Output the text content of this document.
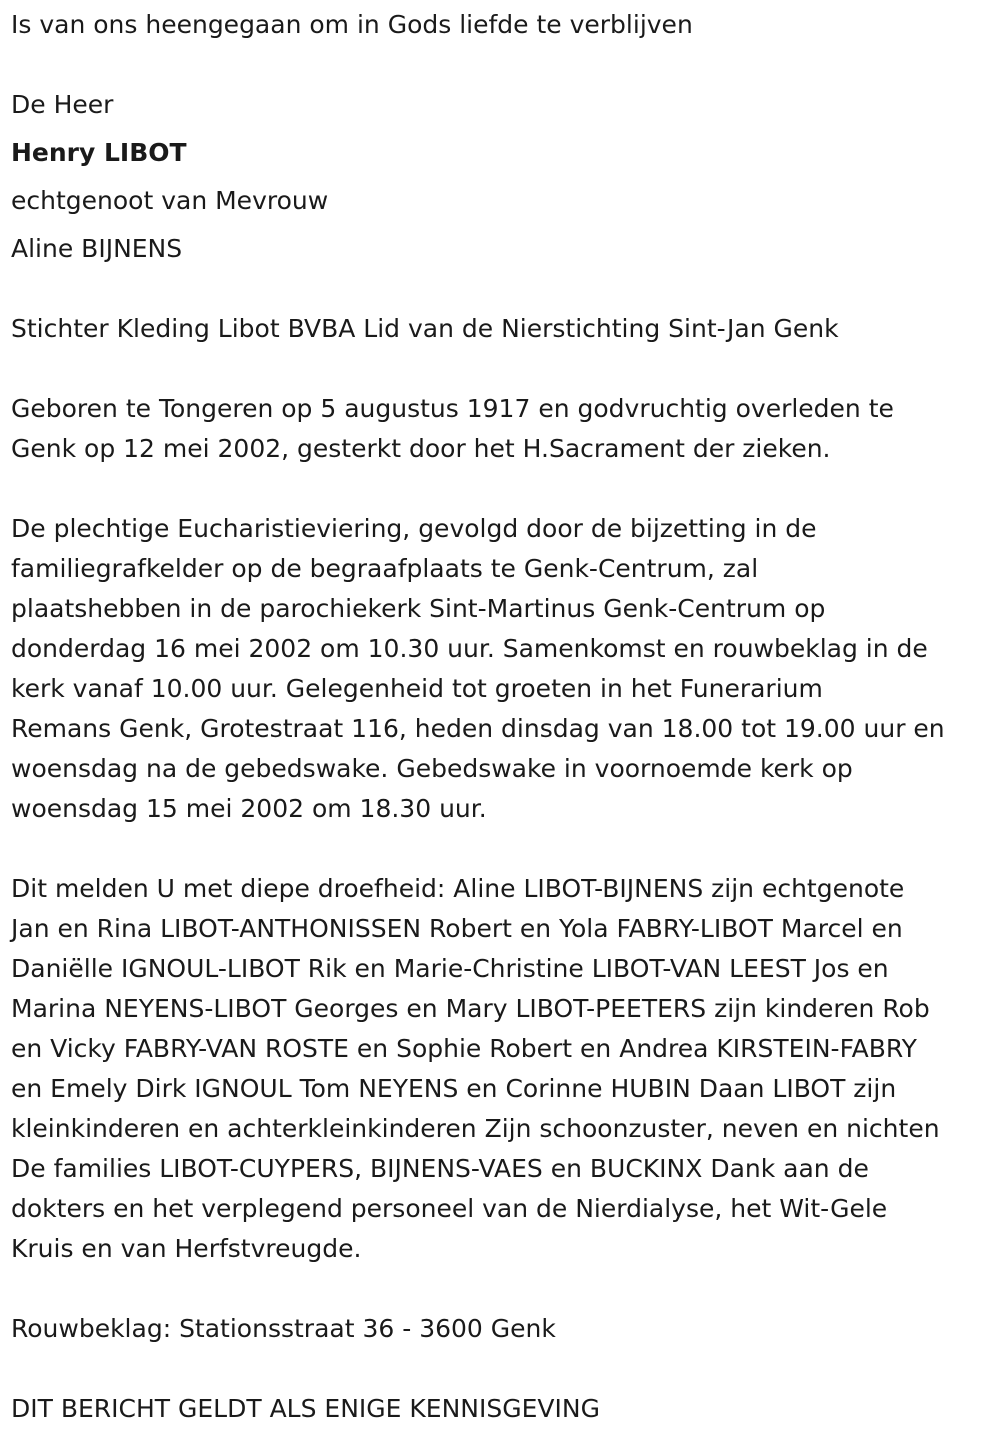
Is van ons heengegaan om in Gods liefde te verblijven
De Heer
Henry LIBOT
echtgenoot van Mevrouw
Aline BIJNENS
Stichter Kleding Libot BVBA Lid van de Nierstichting Sint-Jan Genk
Geboren te Tongeren op 5 augustus 1917 en godvruchtig overleden te
Genk op 12 mei 2002, gesterkt door het H.Sacrament der zieken.
De plechtige Eucharistieviering, gevolgd door de bijzetting in de
familiegrafkelder op de begraafplaats te Genk-Centrum, zal
plaatshebben in de parochiekerk Sint-Martinus Genk-Centrum op
donderdag 16 mei 2002 om 10.30 uur. Samenkomst en rouwbeklag in de
kerk vanaf 10.00 uur. Gelegenheid tot groeten in het Funerarium
Remans Genk, Grotestraat 116, heden dinsdag van 18.00 tot 19.00 uur en
woensdag na de gebedswake. Gebedswake in voornoemde kerk op
woensdag 15 mei 2002 om 18.30 uur.
Dit melden U met diepe droefheid: Aline LIBOT-BIJNENS zijn echtgenote
Jan en Rina LIBOT-ANTHONISSEN Robert en Yola FABRY-LIBOT Marcel en
Daniëlle IGNOUL-LIBOT Rik en Marie-Christine LIBOT-VAN LEEST Jos en
Marina NEYENS-LIBOT Georges en Mary LIBOT-PEETERS zijn kinderen Rob
en Vicky FABRY-VAN ROSTE en Sophie Robert en Andrea KIRSTEIN-FABRY
en Emely Dirk IGNOUL Tom NEYENS en Corinne HUBIN Daan LIBOT zijn
kleinkinderen en achterkleinkinderen Zijn schoonzuster, neven en nichten
De families LIBOT-CUYPERS, BIJNENS-VAES en BUCKINX Dank aan de
dokters en het verplegend personeel van de Nierdialyse, het Wit-Gele
Kruis en van Herfstvreugde.
Rouwbeklag: Stationsstraat 36 - 3600 Genk
DIT BERICHT GELDT ALS ENIGE KENNISGEVING
